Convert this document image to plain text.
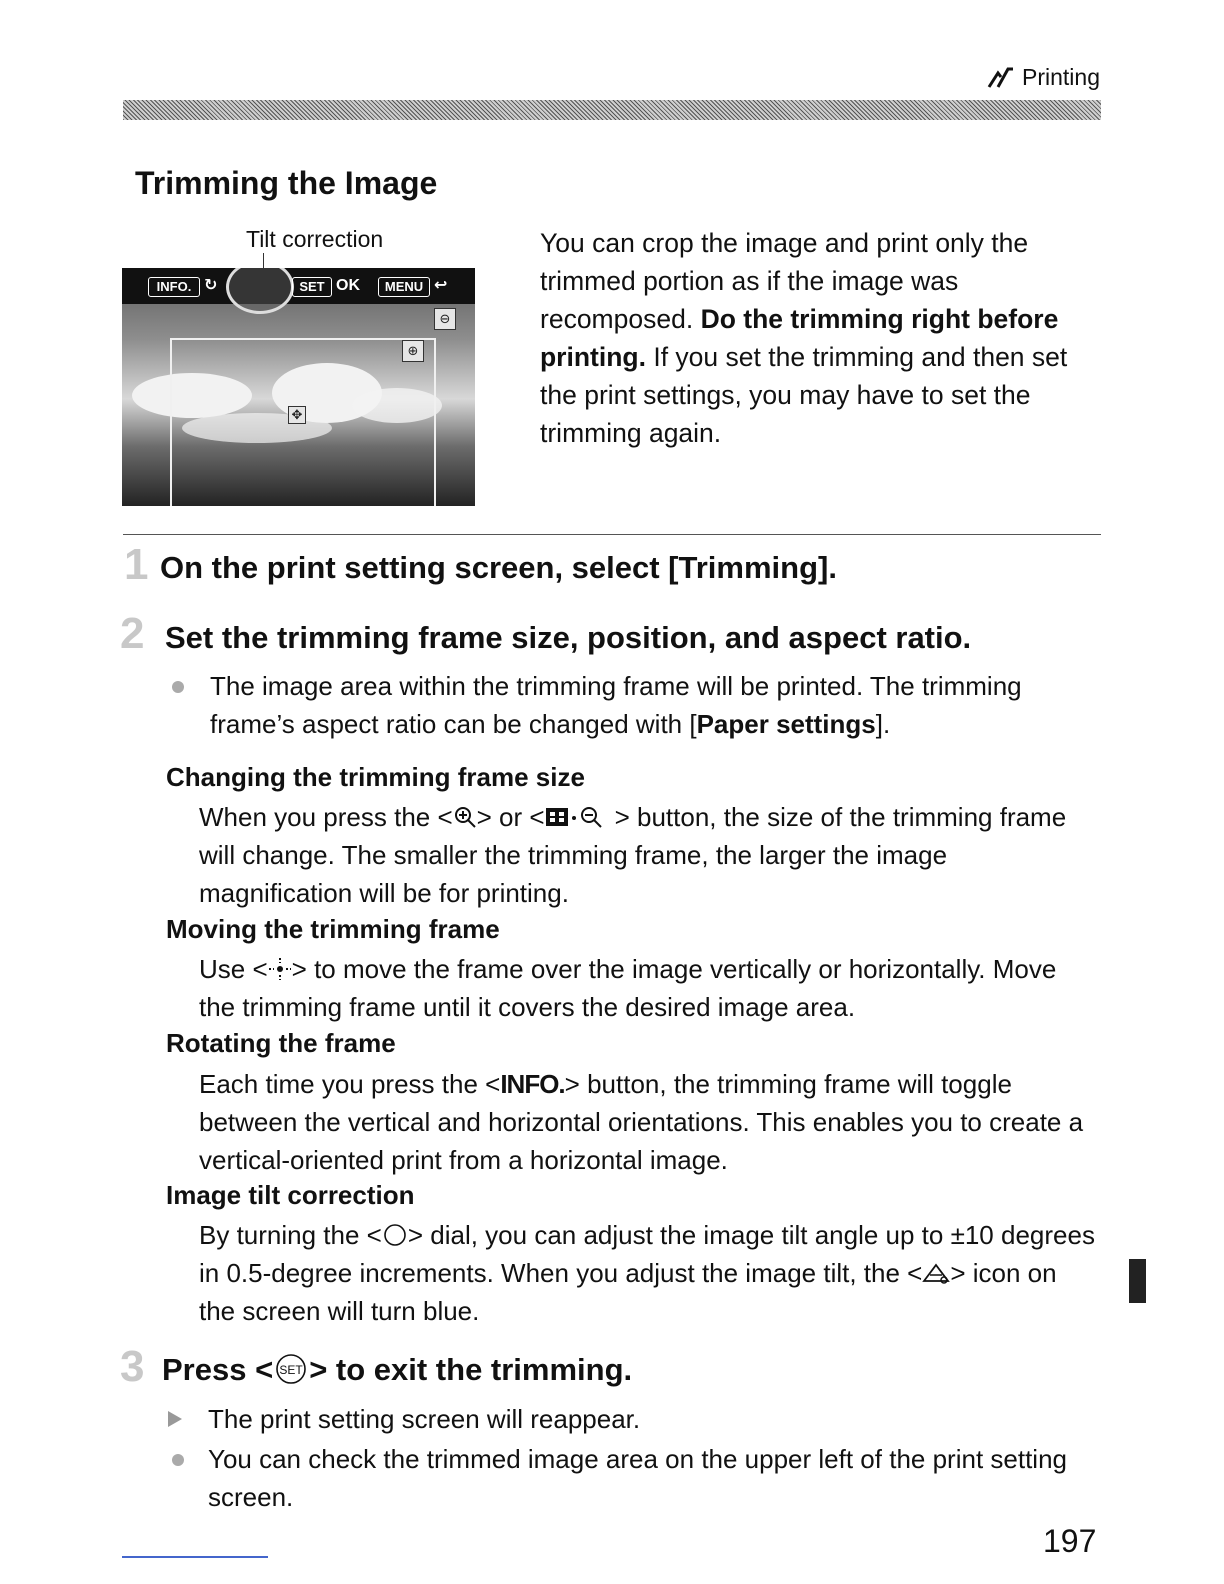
Printing
Trimming the Image
Tilt correction
INFO. ↻	SET OK	MENU ↩
⊖
⊕
✥

You can crop the image and print only the trimmed portion as if the image was recomposed. Do the trimming right before printing. If you set the trimming and then set the print settings, you may have to set the trimming again.

1 On the print setting screen, select [Trimming].
2 Set the trimming frame size, position, and aspect ratio.

The image area within the trimming frame will be printed. The trimming frame’s aspect ratio can be changed with [Paper settings].

Changing the trimming frame size

When you press the < > or <	> button, the size of the trimming frame will change. The smaller the trimming frame, the larger the image magnification will be for printing.

Moving the trimming frame

Use < > to move the frame over the image vertically or horizontally. Move the trimming frame until it covers the desired image area.

Rotating the frame

Each time you press the <INFO.> button, the trimming frame will toggle between the vertical and horizontal orientations. This enables you to create a vertical-oriented print from a horizontal image.

Image tilt correction

By turning the < > dial, you can adjust the image tilt angle up to ±10 degrees in 0.5-degree increments. When you adjust the image tilt, the < > icon on the screen will turn blue.

3 Press < SET > to exit the trimming.

The print setting screen will reappear.

You can check the trimmed image area on the upper left of the print setting screen.

197
